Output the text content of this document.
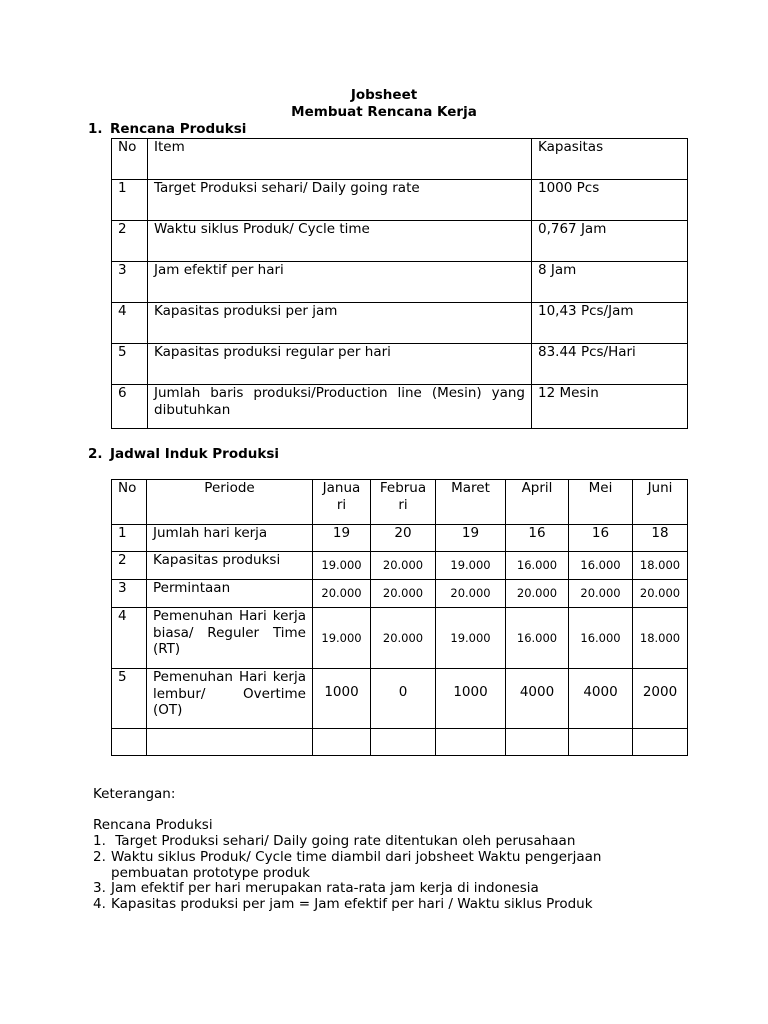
Jobsheet
Membuat Rencana Kerja
1. Rencana Produksi
No	Item	Kapasitas
1	Target Produksi sehari/ Daily going rate	1000 Pcs
2	Waktu siklus Produk/ Cycle time	0,767 Jam
3	Jam efektif per hari	8 Jam
4	Kapasitas produksi per jam	10,43 Pcs/Jam
5	Kapasitas produksi regular per hari	83.44 Pcs/Hari
6	Jumlah baris produksi/Production line (Mesin) yang dibutuhkan	12 Mesin
2. Jadwal Induk Produksi
No	Periode	Janua ri	Februa ri	Maret	April	Mei	Juni
1	Jumlah hari kerja	19	20	19	16	16	18
2	Kapasitas produksi	19.000	20.000	19.000	16.000	16.000	18.000
3	Permintaan	20.000	20.000	20.000	20.000	20.000	20.000
4	Pemenuhan Hari kerja biasa/ Reguler Time (RT)	19.000	20.000	19.000	16.000	16.000	18.000
5	Pemenuhan Hari kerja lembur/ Overtime (OT)	1000	0	1000	4000	4000	2000

Keterangan:
Rencana Produksi
1. Target Produksi sehari/ Daily going rate ditentukan oleh perusahaan
2. Waktu siklus Produk/ Cycle time diambil dari jobsheet Waktu pengerjaan
pembuatan prototype produk
3. Jam efektif per hari merupakan rata-rata jam kerja di indonesia
4. Kapasitas produksi per jam = Jam efektif per hari / Waktu siklus Produk
